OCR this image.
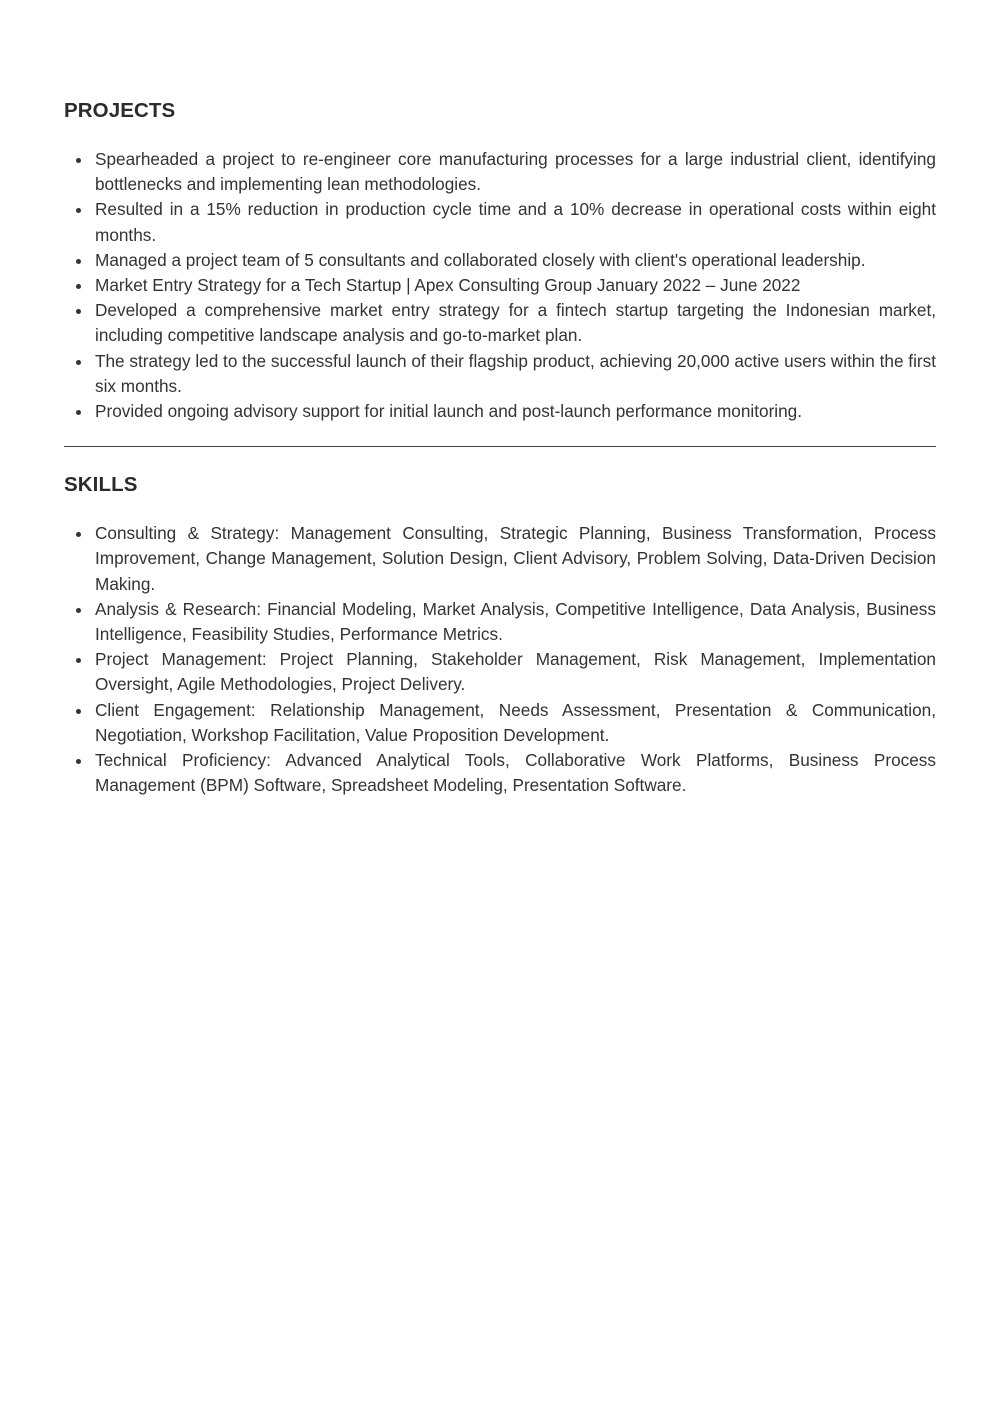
PROJECTS
Spearheaded a project to re-engineer core manufacturing processes for a large industrial client, identifying bottlenecks and implementing lean methodologies.
Resulted in a 15% reduction in production cycle time and a 10% decrease in operational costs within eight months.
Managed a project team of 5 consultants and collaborated closely with client's operational leadership.
Market Entry Strategy for a Tech Startup | Apex Consulting Group January 2022 – June 2022
Developed a comprehensive market entry strategy for a fintech startup targeting the Indonesian market, including competitive landscape analysis and go-to-market plan.
The strategy led to the successful launch of their flagship product, achieving 20,000 active users within the first six months.
Provided ongoing advisory support for initial launch and post-launch performance monitoring.
SKILLS
Consulting & Strategy: Management Consulting, Strategic Planning, Business Transformation, Process Improvement, Change Management, Solution Design, Client Advisory, Problem Solving, Data-Driven Decision Making.
Analysis & Research: Financial Modeling, Market Analysis, Competitive Intelligence, Data Analysis, Business Intelligence, Feasibility Studies, Performance Metrics.
Project Management: Project Planning, Stakeholder Management, Risk Management, Implementation Oversight, Agile Methodologies, Project Delivery.
Client Engagement: Relationship Management, Needs Assessment, Presentation & Communication, Negotiation, Workshop Facilitation, Value Proposition Development.
Technical Proficiency: Advanced Analytical Tools, Collaborative Work Platforms, Business Process Management (BPM) Software, Spreadsheet Modeling, Presentation Software.
